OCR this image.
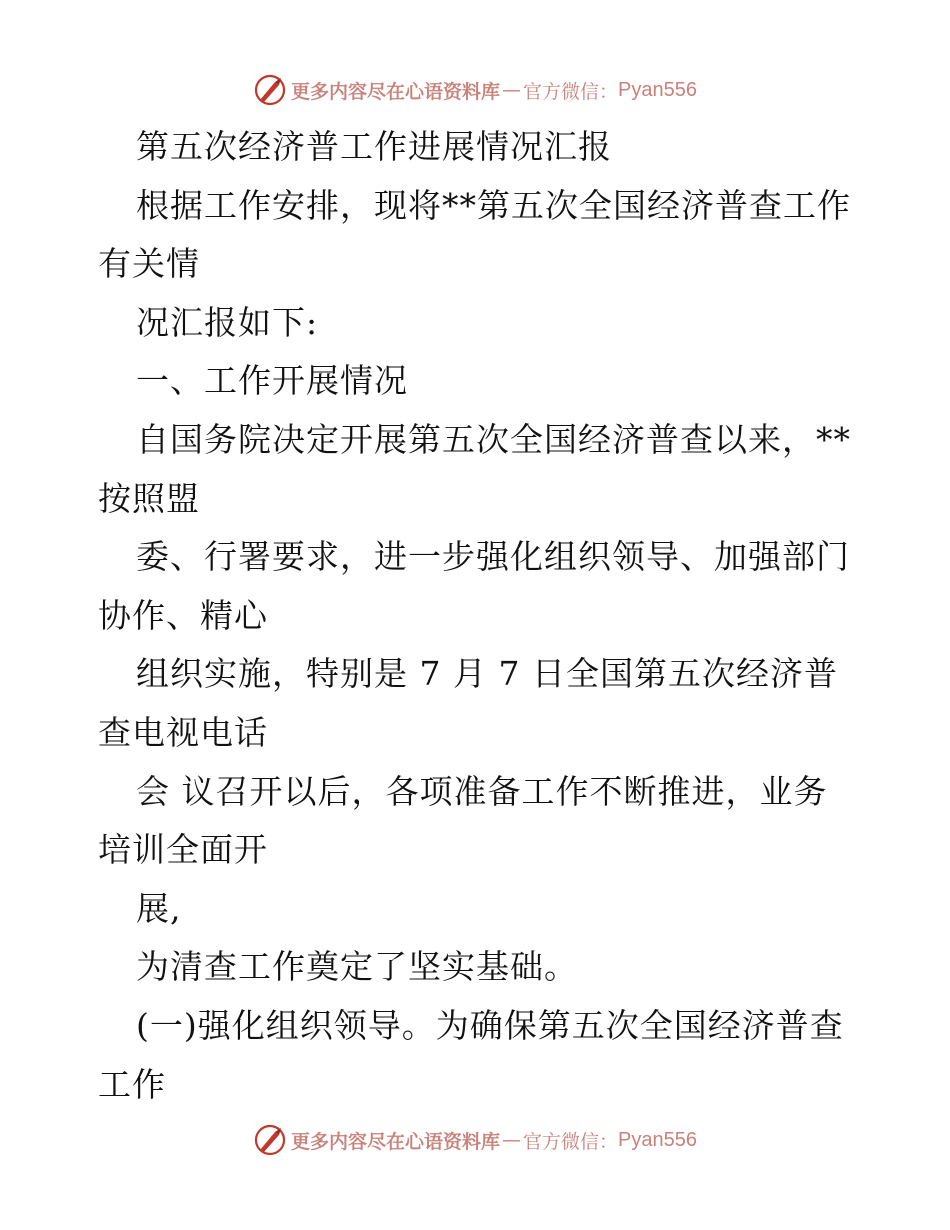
更多内容尽在心语资料库 — 官方微信： Pyan556
第五次经济普工作进展情况汇报
根据工作安排，现将**第五次全国经济普查工作
有关情
况汇报如下:
一、工作开展情况
自国务院决定开展第五次全国经济普查以来，**
按照盟
委、行署要求，进一步强化组织领导、加强部门
协作、精心
组织实施，特别是 7 月 7 日全国第五次经济普
查电视电话
会 议召开以后，各项准备工作不断推进，业务
培训全面开
展,
为清查工作奠定了坚实基础。
(一)强化组织领导。为确保第五次全国经济普查
工作
更多内容尽在心语资料库 — 官方微信： Pyan556
